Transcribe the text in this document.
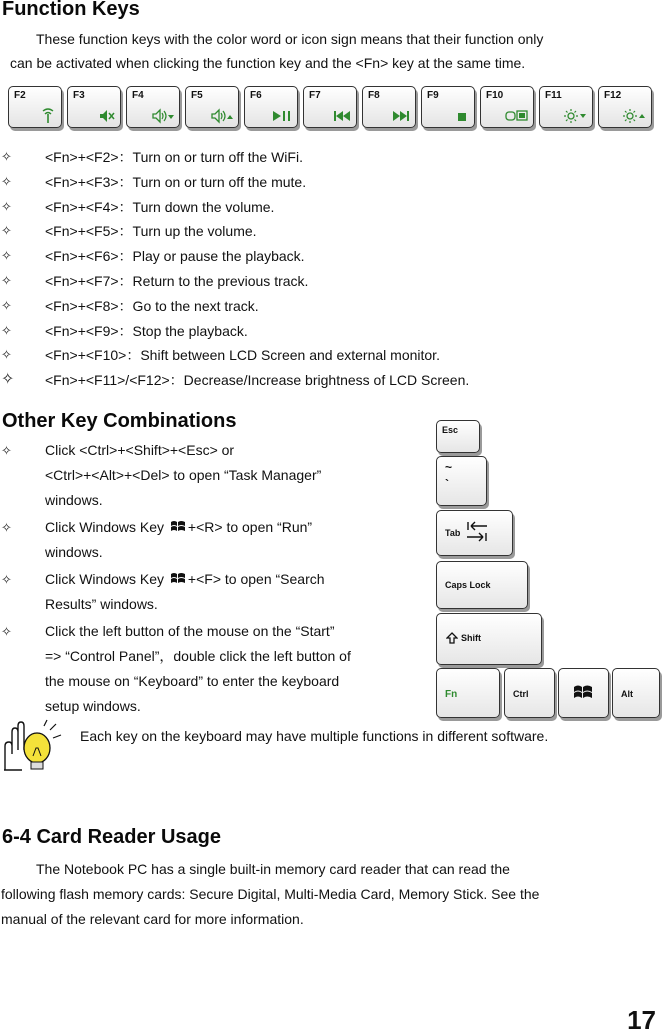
Function Keys

These function keys with the color word or icon sign means that their function only

can be activated when clicking the function key and the <Fn> key at the same time.

F2	F3	F4	F5	F6	F7	F8	F9	F10	F11	F12
✧ <Fn>+<F2>：Turn on or turn off the WiFi.
✧ <Fn>+<F3>：Turn on or turn off the mute.
✧ <Fn>+<F4>：Turn down the volume.
✧ <Fn>+<F5>：Turn up the volume.
✧ <Fn>+<F6>：Play or pause the playback.
✧ <Fn>+<F7>：Return to the previous track.
✧ <Fn>+<F8>：Go to the next track.
✧ <Fn>+<F9>：Stop the playback.
✧ <Fn>+<F10>：Shift between LCD Screen and external monitor.
✧ <Fn>+<F11>/<F12>：Decrease/Increase brightness of LCD Screen.
Other Key Combinations
✧ Click <Ctrl>+<Shift>+<Esc> or
<Ctrl>+<Alt>+<Del> to open “Task Manager”
windows.
✧ Click Windows Key +<R> to open “Run”
windows.
✧ Click Windows Key +<F> to open “Search
Results” windows.
✧ Click the left button of the mouse on the “Start”
=> “Control Panel”，double click the left button of
the mouse on “Keyboard” to enter the keyboard
setup windows.
Esc
~
`
Tab
Caps Lock
Shift
Fn	Ctrl	Alt

Each key on the keyboard may have multiple functions in different software.

6-4 Card Reader Usage

The Notebook PC has a single built-in memory card reader that can read the

following flash memory cards: Secure Digital, Multi-Media Card, Memory Stick. See the

manual of the relevant card for more information.

17
